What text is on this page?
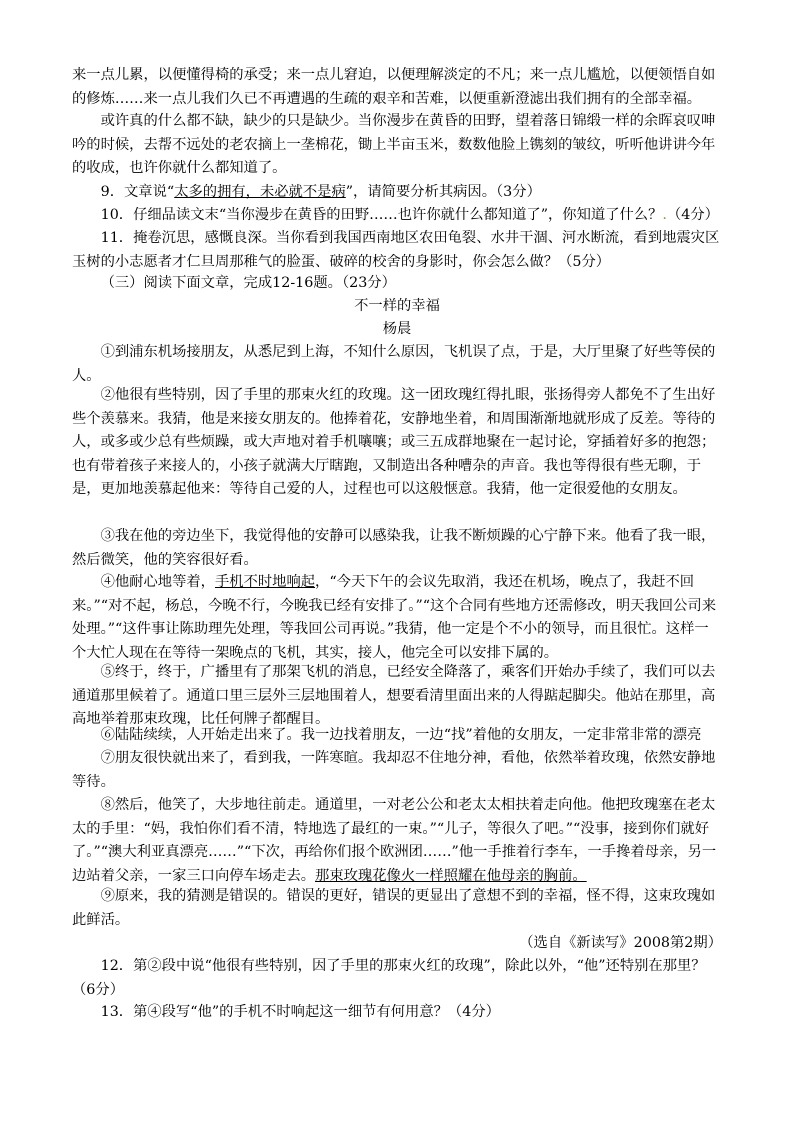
来一点儿累，以便懂得椅的承受；来一点儿窘迫，以便理解淡定的不凡；来一点儿尴尬，以便领悟自如的修炼……来一点儿我们久已不再遭遇的生疏的艰辛和苦难，以便重新澄滤出我们拥有的全部幸福。

或许真的什么都不缺，缺少的只是缺少。当你漫步在黄昏的田野，望着落日锦缎一样的余晖哀叹呻吟的时候，去帮不远处的老农摘上一垄棉花，锄上半亩玉米，数数他脸上镌刻的皱纹，听听他讲讲今年的收成，也许你就什么都知道了。

9．文章说“太多的拥有，未必就不是病”，请简要分析其病因。（3分）

10．仔细品读文末“当你漫步在黄昏的田野……也许你就什么都知道了”，你知道了什么？.（4分）

11．掩卷沉思，感慨良深。当你看到我国西南地区农田龟裂、水井干涸、河水断流，看到地震灾区玉树的小志愿者才仁旦周那稚气的脸蛋、破碎的校舍的身影时，你会怎么做？（5分）

（三）阅读下面文章，完成12-16题。（23分）

不一样的幸福

杨晨

①到浦东机场接朋友，从悉尼到上海，不知什么原因，飞机误了点，于是，大厅里聚了好些等侯的人。

②他很有些特别，因了手里的那束火红的玫瑰。这一团玫瑰红得扎眼，张扬得旁人都免不了生出好些个羡慕来。我猜，他是来接女朋友的。他捧着花，安静地坐着，和周围渐渐地就形成了反差。等待的人，或多或少总有些烦躁，或大声地对着手机嚷嚷；或三五成群地聚在一起讨论，穿插着好多的抱怨；也有带着孩子来接人的，小孩子就满大厅瞎跑，又制造出各种嘈杂的声音。我也等得很有些无聊，于是，更加地羡慕起他来：等待自己爱的人，过程也可以这般惬意。我猜，他一定很爱他的女朋友。

③我在他的旁边坐下，我觉得他的安静可以感染我，让我不断烦躁的心宁静下来。他看了我一眼，然后微笑，他的笑容很好看。

④他耐心地等着，手机不时地响起，“今天下午的会议先取消，我还在机场，晚点了，我赶不回来。”“对不起，杨总，今晚不行，今晚我已经有安排了。”“这个合同有些地方还需修改，明天我回公司来处理。”“这件事让陈助理先处理，等我回公司再说。”我猜，他一定是个不小的领导，而且很忙。这样一个大忙人现在在等待一架晚点的飞机，其实，接人，他完全可以安排下属的。

⑤终于，终于，广播里有了那架飞机的消息，已经安全降落了，乘客们开始办手续了，我们可以去通道那里候着了。通道口里三层外三层地围着人，想要看清里面出来的人得踮起脚尖。他站在那里，高高地举着那束玫瑰，比任何牌子都醒目。

⑥陆陆续续，人开始走出来了。我一边找着朋友，一边“找”着他的女朋友，一定非常非常的漂亮

⑦朋友很快就出来了，看到我，一阵寒暄。我却忍不住地分神，看他，依然举着玫瑰，依然安静地等待。

⑧然后，他笑了，大步地往前走。通道里，一对老公公和老太太相扶着走向他。他把玫瑰塞在老太太的手里：“妈，我怕你们看不清，特地选了最红的一束。”“儿子，等很久了吧。”“没事，接到你们就好了。”“澳大利亚真漂亮……”“下次，再给你们报个欧洲团……”他一手推着行李车，一手搀着母亲，另一边站着父亲，一家三口向停车场走去。那束玫瑰花像火一样照耀在他母亲的胸前。

⑨原来，我的猜测是错误的。错误的更好，错误的更显出了意想不到的幸福，怪不得，这束玫瑰如此鲜活。

（选自《新读写》2008第2期）

12．第②段中说“他很有些特别，因了手里的那束火红的玫瑰”，除此以外，“他”还特别在那里？（6分）

13．第④段写“他”的手机不时响起这一细节有何用意？（4分）
